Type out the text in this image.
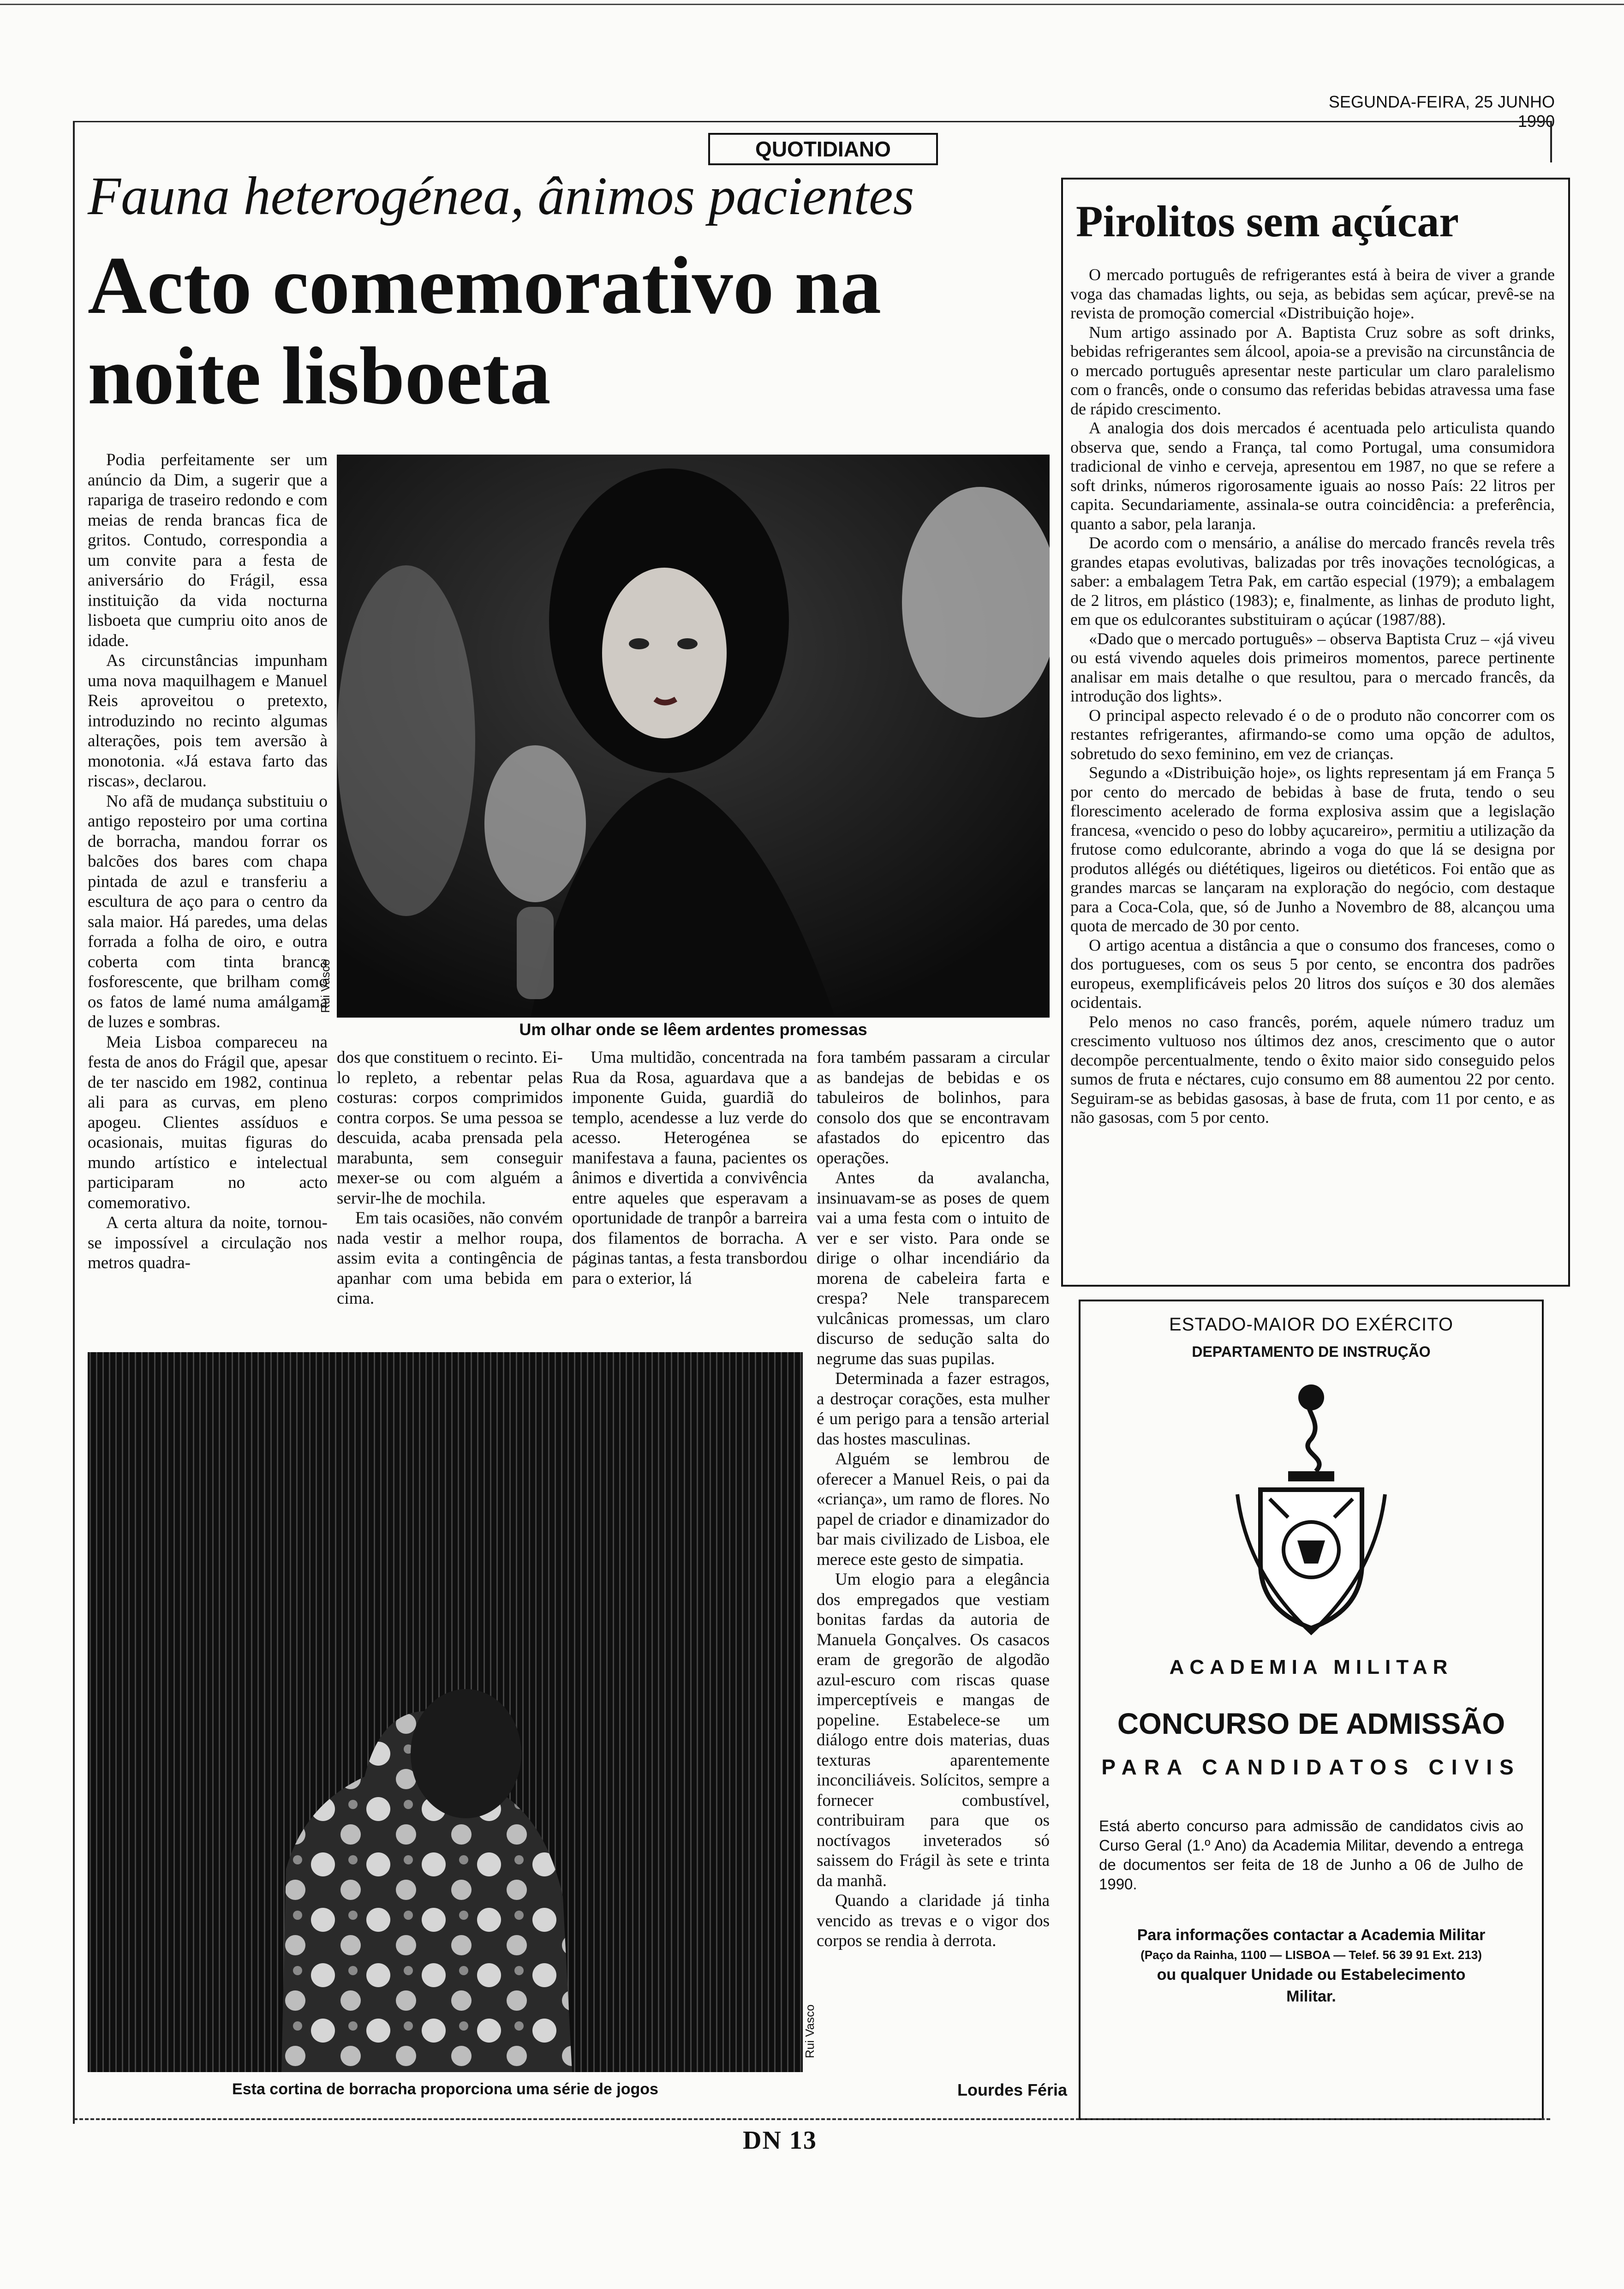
SEGUNDA-FEIRA, 25 JUNHO 1990
QUOTIDIANO
Fauna heterogénea, ânimos pacientes
Acto comemorativo na noite lisboeta

Podia perfeitamente ser um anúncio da Dim, a sugerir que a rapariga de traseiro redondo e com meias de renda brancas fica de gritos. Contudo, correspondia a um convite para a festa de aniversário do Frágil, essa instituição da vida nocturna lisboeta que cumpriu oito anos de idade.

As circunstâncias impunham uma nova maquilhagem e Manuel Reis aproveitou o pretexto, introduzindo no recinto algumas alterações, pois tem aversão à monotonia. «Já estava farto das riscas», declarou.

No afã de mudança substituiu o antigo reposteiro por uma cortina de borracha, mandou forrar os balcões dos bares com chapa pintada de azul e transferiu a escultura de aço para o centro da sala maior. Há paredes, uma delas forrada a folha de oiro, e outra coberta com tinta branca fosforescente, que brilham como os fatos de lamé numa amálgama de luzes e sombras.

Meia Lisboa compareceu na festa de anos do Frágil que, apesar de ter nascido em 1982, continua ali para as curvas, em pleno apogeu. Clientes assíduos e ocasionais, muitas figuras do mundo artístico e intelectual participaram no acto comemorativo.

A certa altura da noite, tornou-se impossível a circulação nos metros quadra-

Rui Vasco
Um olhar onde se lêem ardentes promessas

dos que constituem o recinto. Ei-lo repleto, a rebentar pelas costuras: corpos comprimidos contra corpos. Se uma pessoa se descuida, acaba prensada pela marabunta, sem conseguir mexer-se ou com alguém a servir-lhe de mochila.

Em tais ocasiões, não convém nada vestir a melhor roupa, assim evita a contingência de apanhar com uma bebida em cima.

Uma multidão, concentrada na Rua da Rosa, aguardava que a imponente Guida, guardiã do templo, acendesse a luz verde do acesso. Heterogénea se manifestava a fauna, pacientes os ânimos e divertida a convivência entre aqueles que esperavam a oportunidade de tranpôr a barreira dos filamentos de borracha. A páginas tantas, a festa transbordou para o exterior, lá

fora também passaram a circular as bandejas de bebidas e os tabuleiros de bolinhos, para consolo dos que se encontravam afastados do epicentro das operações.

Antes da avalancha, insinuavam-se as poses de quem vai a uma festa com o intuito de ver e ser visto. Para onde se dirige o olhar incendiário da morena de cabeleira farta e crespa? Nele transparecem vulcânicas promessas, um claro discurso de sedução salta do negrume das suas pupilas.

Determinada a fazer estragos, a destroçar corações, esta mulher é um perigo para a tensão arterial das hostes masculinas.

Alguém se lembrou de oferecer a Manuel Reis, o pai da «criança», um ramo de flores. No papel de criador e dinamizador do bar mais civilizado de Lisboa, ele merece este gesto de simpatia.

Um elogio para a elegância dos empregados que vestiam bonitas fardas da autoria de Manuela Gonçalves. Os casacos eram de gregorão de algodão azul-escuro com riscas quase imperceptíveis e mangas de popeline. Estabelece-se um diálogo entre dois materias, duas texturas aparentemente inconciliáveis. Solícitos, sempre a fornecer combustível, contribuiram para que os noctívagos inveterados só saissem do Frágil às sete e trinta da manhã.

Quando a claridade já tinha vencido as trevas e o vigor dos corpos se rendia à derrota.

Rui Vasco
Esta cortina de borracha proporciona uma série de jogos	Lourdes Féria
Pirolitos sem açúcar

O mercado português de refrigerantes está à beira de viver a grande voga das chamadas lights, ou seja, as bebidas sem açúcar, prevê-se na revista de promoção comercial «Distribuição hoje».

Num artigo assinado por A. Baptista Cruz sobre as soft drinks, bebidas refrigerantes sem álcool, apoia-se a previsão na circunstância de o mercado português apresentar neste particular um claro paralelismo com o francês, onde o consumo das referidas bebidas atravessa uma fase de rápido crescimento.

A analogia dos dois mercados é acentuada pelo articulista quando observa que, sendo a França, tal como Portugal, uma consumidora tradicional de vinho e cerveja, apresentou em 1987, no que se refere a soft drinks, números rigorosamente iguais ao nosso País: 22 litros per capita. Secundariamente, assinala-se outra coincidência: a preferência, quanto a sabor, pela laranja.

De acordo com o mensário, a análise do mercado francês revela três grandes etapas evolutivas, balizadas por três inovações tecnológicas, a saber: a embalagem Tetra Pak, em cartão especial (1979); a embalagem de 2 litros, em plástico (1983); e, finalmente, as linhas de produto light, em que os edulcorantes substituiram o açúcar (1987/88).

«Dado que o mercado português» – observa Baptista Cruz – «já viveu ou está vivendo aqueles dois primeiros momentos, parece pertinente analisar em mais detalhe o que resultou, para o mercado francês, da introdução dos lights».

O principal aspecto relevado é o de o produto não concorrer com os restantes refrigerantes, afirmando-se como uma opção de adultos, sobretudo do sexo feminino, em vez de crianças.

Segundo a «Distribuição hoje», os lights representam já em França 5 por cento do mercado de bebidas à base de fruta, tendo o seu florescimento acelerado de forma explosiva assim que a legislação francesa, «vencido o peso do lobby açucareiro», permitiu a utilização da frutose como edulcorante, abrindo a voga do que lá se designa por produtos allégés ou diététiques, ligeiros ou dietéticos. Foi então que as grandes marcas se lançaram na exploração do negócio, com destaque para a Coca-Cola, que, só de Junho a Novembro de 88, alcançou uma quota de mercado de 30 por cento.

O artigo acentua a distância a que o consumo dos franceses, como o dos portugueses, com os seus 5 por cento, se encontra dos padrões europeus, exemplificáveis pelos 20 litros dos suíços e 30 dos alemães ocidentais.

Pelo menos no caso francês, porém, aquele número traduz um crescimento vultuoso nos últimos dez anos, crescimento que o autor decompõe percentualmente, tendo o êxito maior sido conseguido pelos sumos de fruta e néctares, cujo consumo em 88 aumentou 22 por cento. Seguiram-se as bebidas gasosas, à base de fruta, com 11 por cento, e as não gasosas, com 5 por cento.

ESTADO-MAIOR DO EXÉRCITO
DEPARTAMENTO DE INSTRUÇÃO
ACADEMIA MILITAR
CONCURSO DE ADMISSÃO
PARA CANDIDATOS CIVIS
Está aberto concurso para admissão de candidatos civis ao Curso Geral (1.º Ano) da Academia Militar, devendo a entrega de documentos ser feita de 18 de Junho a 06 de Julho de 1990.
Para informações contactar a Academia Militar
(Paço da Rainha, 1100 — LISBOA — Telef. 56 39 91 Ext. 213)
ou qualquer Unidade ou Estabelecimento
Militar.
DN 13
